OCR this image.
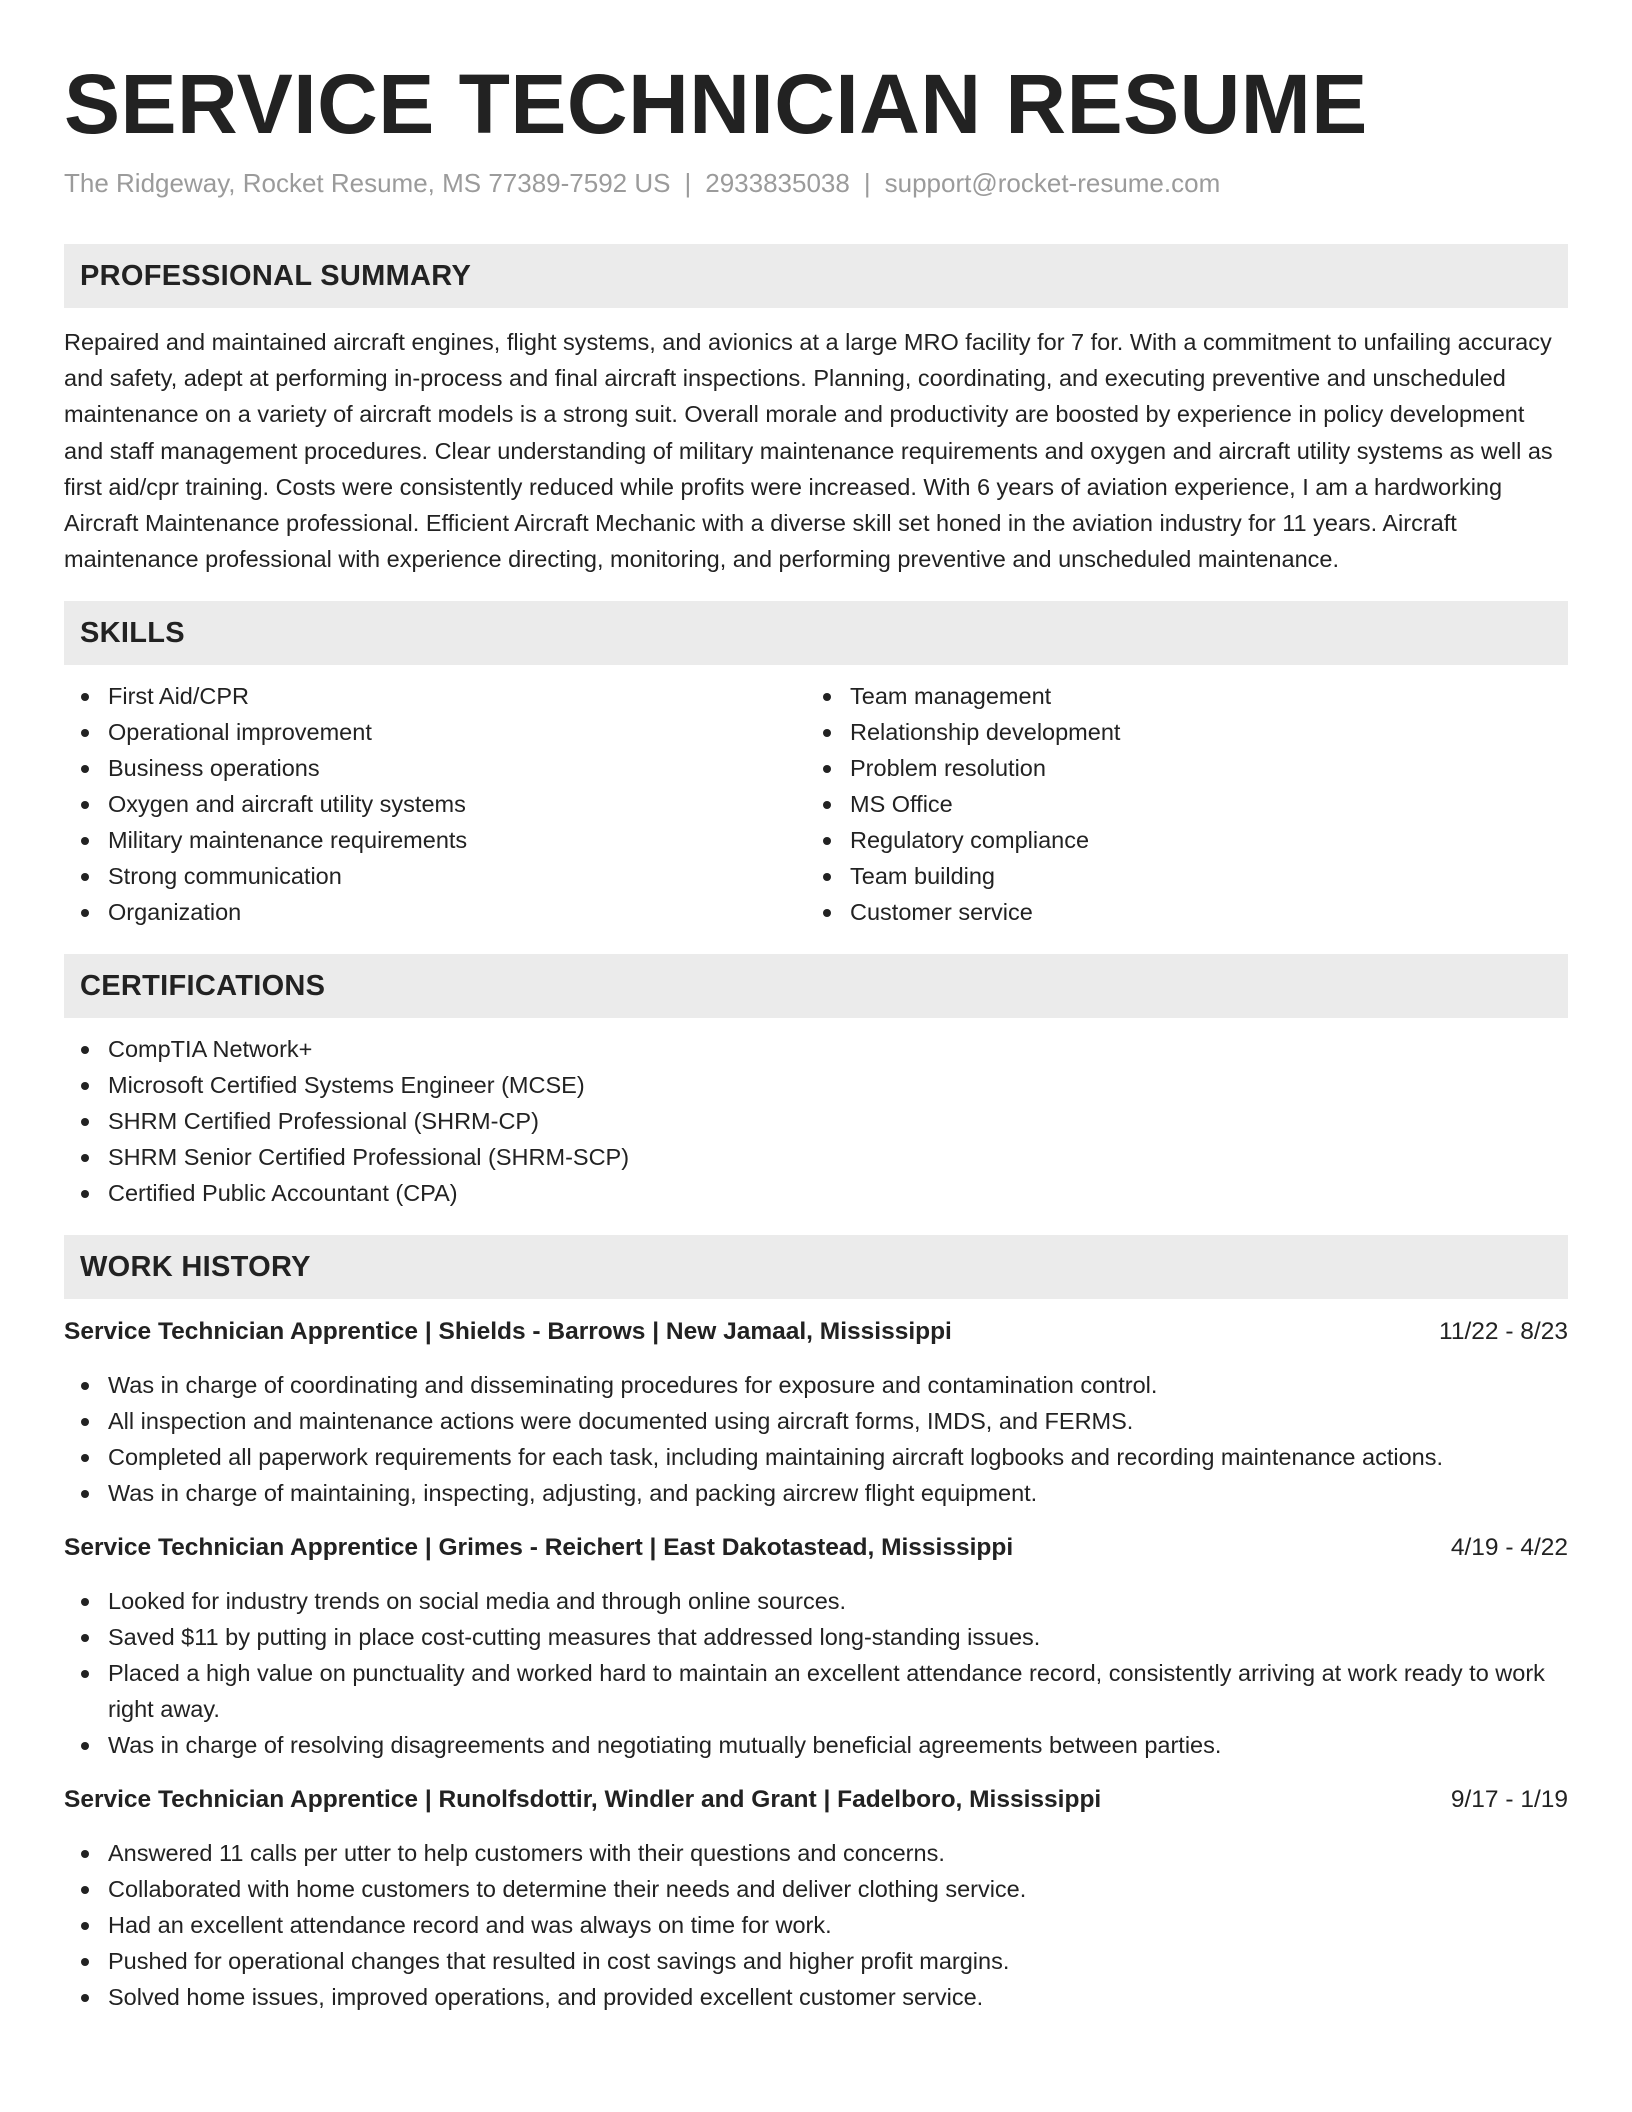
SERVICE TECHNICIAN RESUME
The Ridgeway, Rocket Resume, MS 77389-7592 US | 2933835038 | support@rocket-resume.com
PROFESSIONAL SUMMARY

Repaired and maintained aircraft engines, flight systems, and avionics at a large MRO facility for 7 for. With a commitment to unfailing accuracy and safety, adept at performing in-process and final aircraft inspections. Planning, coordinating, and executing preventive and unscheduled maintenance on a variety of aircraft models is a strong suit. Overall morale and productivity are boosted by experience in policy development and staff management procedures. Clear understanding of military maintenance requirements and oxygen and aircraft utility systems as well as first aid/cpr training. Costs were consistently reduced while profits were increased. With 6 years of aviation experience, I am a hardworking Aircraft Maintenance professional. Efficient Aircraft Mechanic with a diverse skill set honed in the aviation industry for 11 years. Aircraft maintenance professional with experience directing, monitoring, and performing preventive and unscheduled maintenance.

SKILLS
First Aid/CPR
Operational improvement
Business operations
Oxygen and aircraft utility systems
Military maintenance requirements
Strong communication
Organization
Team management
Relationship development
Problem resolution
MS Office
Regulatory compliance
Team building
Customer service
CERTIFICATIONS
CompTIA Network+
Microsoft Certified Systems Engineer (MCSE)
SHRM Certified Professional (SHRM-CP)
SHRM Senior Certified Professional (SHRM-SCP)
Certified Public Accountant (CPA)
WORK HISTORY
Service Technician Apprentice | Shields - Barrows | New Jamaal, Mississippi	11/22 - 8/23
Was in charge of coordinating and disseminating procedures for exposure and contamination control.
All inspection and maintenance actions were documented using aircraft forms, IMDS, and FERMS.
Completed all paperwork requirements for each task, including maintaining aircraft logbooks and recording maintenance actions.
Was in charge of maintaining, inspecting, adjusting, and packing aircrew flight equipment.
Service Technician Apprentice | Grimes - Reichert | East Dakotastead, Mississippi	4/19 - 4/22
Looked for industry trends on social media and through online sources.
Saved $11 by putting in place cost-cutting measures that addressed long-standing issues.
Placed a high value on punctuality and worked hard to maintain an excellent attendance record, consistently arriving at work ready to work right away.
Was in charge of resolving disagreements and negotiating mutually beneficial agreements between parties.
Service Technician Apprentice | Runolfsdottir, Windler and Grant | Fadelboro, Mississippi	9/17 - 1/19
Answered 11 calls per utter to help customers with their questions and concerns.
Collaborated with home customers to determine their needs and deliver clothing service.
Had an excellent attendance record and was always on time for work.
Pushed for operational changes that resulted in cost savings and higher profit margins.
Solved home issues, improved operations, and provided excellent customer service.
